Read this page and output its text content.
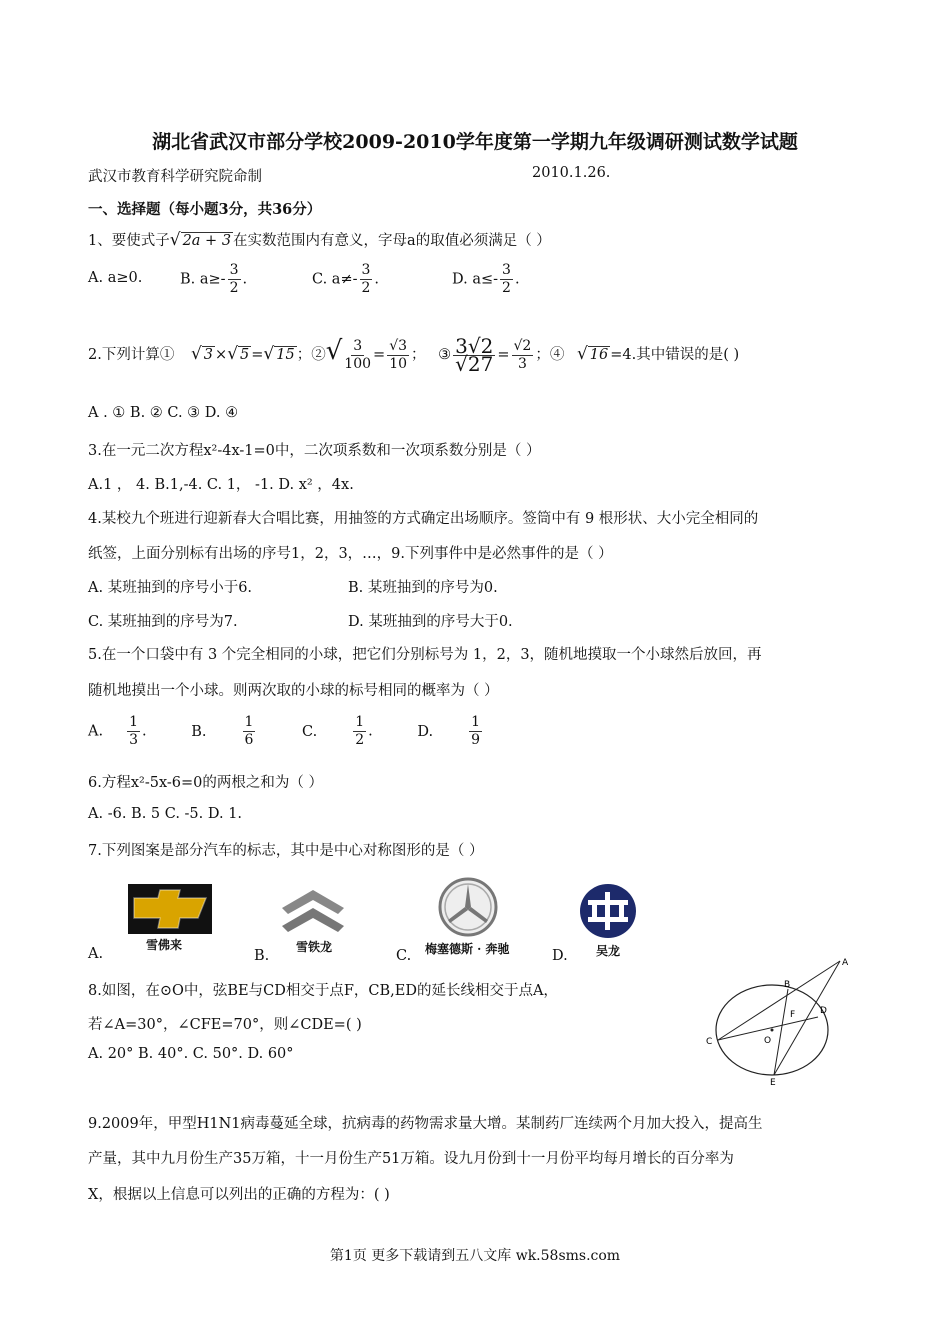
湖北省武汉市部分学校2009-2010学年度第一学期九年级调研测试数学试题
武汉市教育科学研究院命制	2010.1.26.
一、选择题（每小题3分，共36分）
1、要使式子√ 2a + 3 在实数范围内有意义，字母a的取值必须满足（ ）
A. a≥0.	B. $a\ge- \frac{3}{2}$ .	C. $a\ne- \frac{3}{2}$ .	D. $a\le- \frac{3}{2}$ .
2.下列计算① √ 3 ×√ 5 =√ 15 ；②√ $\frac{3}{100} = \frac{√3}{10}$ ； ③ $\frac{3√2}{√27} = \frac{√2}{3}$ ；④ √ 16 =4.其中错误的是( )
A . ① B. ② C. ③ D. ④
3.在一元二次方程x²-4x-1=0中，二次项系数和一次项系数分别是（ ）
A.1 ， 4. B.1,-4. C. 1， -1. D. x² ，4x.
4.某校九个班进行迎新春大合唱比赛，用抽签的方式确定出场顺序。签筒中有 9 根形状、大小完全相同的
纸签，上面分别标有出场的序号1，2，3，…，9.下列事件中是必然事件的是（ ）
A. 某班抽到的序号小于6.	B. 某班抽到的序号为0.
C. 某班抽到的序号为7.	D. 某班抽到的序号大于0.
5.在一个口袋中有 3 个完全相同的小球，把它们分别标号为 1，2，3，随机地摸取一个小球然后放回，再
随机地摸出一个小球。则两次取的小球的标号相同的概率为（ ）
A. $\frac{1}{3}$ .	B.	$\frac{1}{6}$	C.	$\frac{1}{2}$ .	D.	$\frac{1}{9}$
6.方程x²-5x-6=0的两根之和为（ ）
A. -6. B. 5 C. -5. D. 1.
7.下列图案是部分汽车的标志，其中是中心对称图形的是（ ）
雪佛来
A.	雪铁龙
B.	梅塞德斯 · 奔驰
C.	吴龙
D.
8.如图，在⊙O中，弦BE与CD相交于点F，CB,ED的延长线相交于点A，
若∠A=30°，∠CFE=70°，则∠CDE=( )
A. 20° B. 40°. C. 50°. D. 60°
A
B
C
D
E
F
O
9.2009年，甲型H1N1病毒蔓延全球，抗病毒的药物需求量大增。某制药厂连续两个月加大投入，提高生
产量，其中九月份生产35万箱，十一月份生产51万箱。设九月份到十一月份平均每月增长的百分率为
X，根据以上信息可以列出的正确的方程为：( )
第1页 更多下载请到五八文库 wk.58sms.com
